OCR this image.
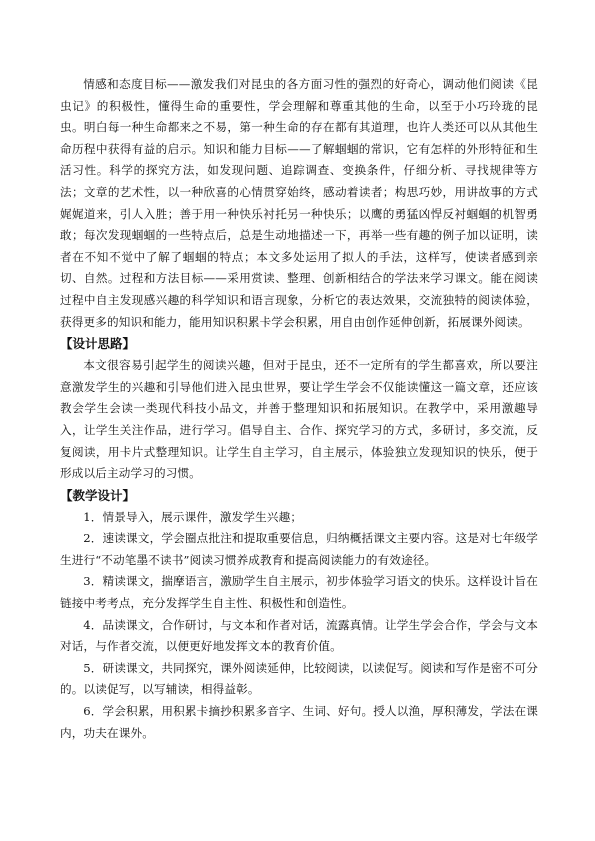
情感和态度目标——激发我们对昆虫的各方面习性的强烈的好奇心，调动他们阅读《昆虫记》的积极性，懂得生命的重要性，学会理解和尊重其他的生命，以至于小巧玲珑的昆虫。明白每一种生命都来之不易，第一种生命的存在都有其道理，也许人类还可以从其他生命历程中获得有益的启示。知识和能力目标——了解蝈蝈的常识，它有怎样的外形特征和生活习性。科学的探究方法，如发现问题、追踪调查、变换条件，仔细分析、寻找规律等方法；文章的艺术性，以一种欣喜的心情贯穿始终，感动着读者；构思巧妙，用讲故事的方式娓娓道来，引人入胜；善于用一种快乐衬托另一种快乐；以鹰的勇猛凶悍反衬蝈蝈的机智勇敢；每次发现蝈蝈的一些特点后，总是生动地描述一下，再举一些有趣的例子加以证明，读者在不知不觉中了解了蝈蝈的特点；本文多处运用了拟人的手法，这样写，使读者感到亲切、自然。过程和方法目标——采用赏读、整理、创新相结合的学法来学习课文。能在阅读过程中自主发现感兴趣的科学知识和语言现象，分析它的表达效果，交流独特的阅读体验，获得更多的知识和能力，能用知识积累卡学会积累，用自由创作延伸创新，拓展课外阅读。

【设计思路】

本文很容易引起学生的阅读兴趣，但对于昆虫，还不一定所有的学生都喜欢，所以要注意激发学生的兴趣和引导他们进入昆虫世界，要让学生学会不仅能读懂这一篇文章，还应该教会学生会读一类现代科技小品文，并善于整理知识和拓展知识。在教学中，采用激趣导入，让学生关注作品，进行学习。倡导自主、合作、探究学习的方式，多研讨，多交流，反复阅读，用卡片式整理知识。让学生自主学习，自主展示，体验独立发现知识的快乐，便于形成以后主动学习的习惯。

【教学设计】

1．情景导入，展示课件，激发学生兴趣；

2．速读课文，学会圈点批注和提取重要信息，归纳概括课文主要内容。这是对七年级学生进行“不动笔墨不读书”阅读习惯养成教育和提高阅读能力的有效途径。

3．精读课文，揣摩语言，激励学生自主展示，初步体验学习语文的快乐。这样设计旨在链接中考考点，充分发挥学生自主性、积极性和创造性。

4．品读课文，合作研讨，与文本和作者对话，流露真情。让学生学会合作，学会与文本对话，与作者交流，以便更好地发挥文本的教育价值。

5．研读课文，共同探究，课外阅读延伸，比较阅读，以读促写。阅读和写作是密不可分的。以读促写，以写辅读，相得益彰。

6．学会积累，用积累卡摘抄积累多音字、生词、好句。授人以渔，厚积薄发，学法在课内，功夫在课外。
